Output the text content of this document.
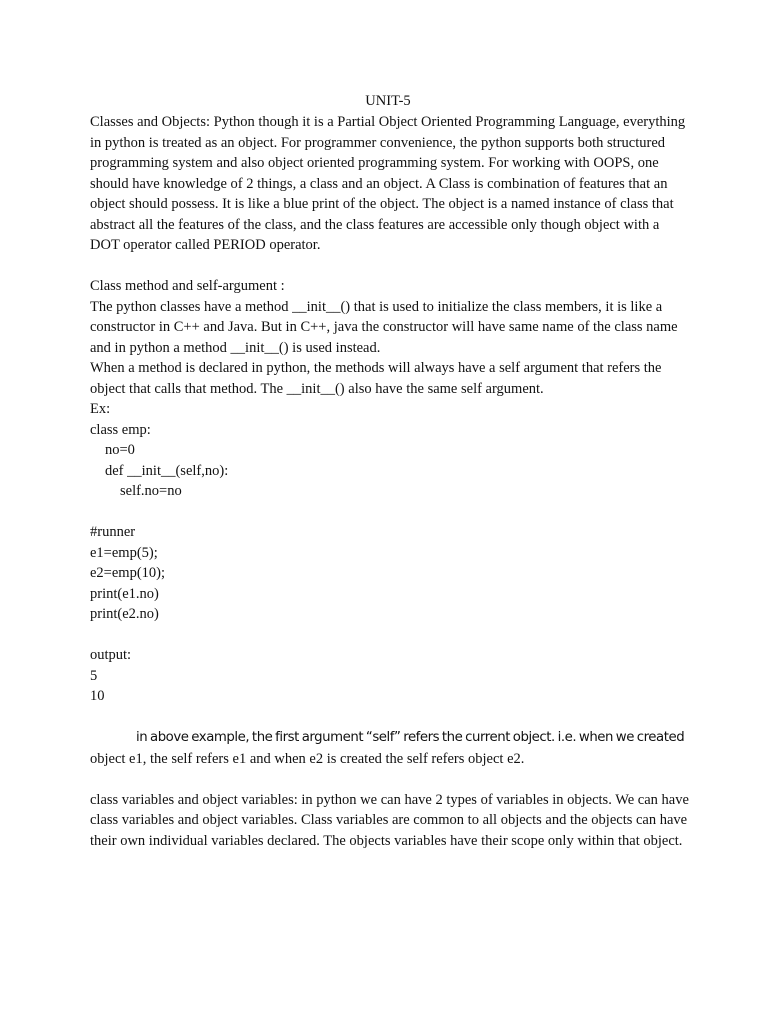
UNIT-5

Classes and Objects: Python though it is a Partial Object Oriented Programming Language, everything in python is treated as an object. For programmer convenience, the python supports both structured programming system and also object oriented programming system. For working with OOPS, one should have knowledge of 2 things, a class and an object. A Class is combination of features that an object should possess. It is like a blue print of the object. The object is a named instance of class that abstract all the features of the class, and the class features are accessible only though object with a DOT operator called PERIOD operator.

Class method and self-argument :

The python classes have a method __init__() that is used to initialize the class members, it is like a constructor in C++ and Java. But in C++, java the constructor will have same name of the class name and in python a method __init__() is used instead.

When a method is declared in python, the methods will always have a self argument that refers the object that calls that method. The __init__() also have the same self argument.

Ex:

class emp:
no=0
def __init__(self,no):
self.no=no
#runner
e1=emp(5);
e2=emp(10);
print(e1.no)
print(e2.no)

output:

5

10

in above example, the first argument “self” refers the current object. i.e. when we created

object e1, the self refers e1 and when e2 is created the self refers object e2.

class variables and object variables: in python we can have 2 types of variables in objects. We can have class variables and object variables. Class variables are common to all objects and the objects can have their own individual variables declared. The objects variables have their scope only within that object.
